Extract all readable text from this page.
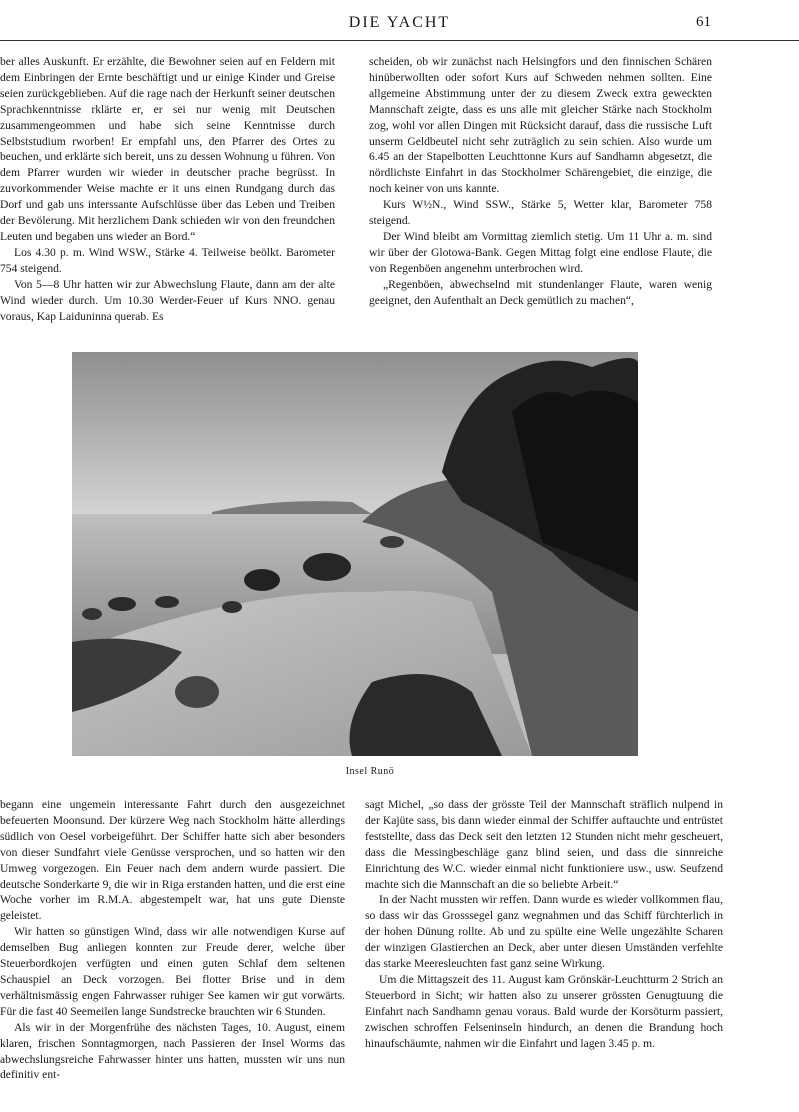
DIE YACHT	61

ber alles Auskunft. Er erzählte, die Bewohner seien auf en Feldern mit dem Einbringen der Ernte beschäftigt und ur einige Kinder und Greise seien zurückgeblieben. Auf die rage nach der Herkunft seiner deutschen Sprachkenntnisse rklärte er, er sei nur wenig mit Deutschen zusammengeommen und habe sich seine Kenntnisse durch Selbststudium rworben! Er empfahl uns, den Pfarrer des Ortes zu beuchen, und erklärte sich bereit, uns zu dessen Wohnung u führen. Von dem Pfarrer wurden wir wieder in deutscher prache begrüsst. In zuvorkommender Weise machte er it uns einen Rundgang durch das Dorf und gab uns interssante Aufschlüsse über das Leben und Treiben der Bevölerung. Mit herzlichem Dank schieden wir von den freundchen Leuten und begaben uns wieder an Bord.“

Los 4.30 p. m. Wind WSW., Stärke 4. Teilweise beölkt. Barometer 754 steigend.

Von 5—8 Uhr hatten wir zur Abwechslung Flaute, dann am der alte Wind wieder durch. Um 10.30 Werder-Feuer uf Kurs NNO. genau voraus, Kap Laiduninna querab. Es

scheiden, ob wir zunächst nach Helsingfors und den finnischen Schären hinüberwollten oder sofort Kurs auf Schweden nehmen sollten. Eine allgemeine Abstimmung unter der zu diesem Zweck extra geweckten Mannschaft zeigte, dass es uns alle mit gleicher Stärke nach Stockholm zog, wohl vor allen Dingen mit Rücksicht darauf, dass die russische Luft unserm Geldbeutel nicht sehr zuträglich zu sein schien. Also wurde um 6.45 an der Stapelbotten Leuchttonne Kurs auf Sandhamn abgesetzt, die nördlichste Einfahrt in das Stockholmer Schärengebiet, die einzige, die noch keiner von uns kannte.

Kurs W½N., Wind SSW., Stärke 5, Wetter klar, Barometer 758 steigend.

Der Wind bleibt am Vormittag ziemlich stetig. Um 11 Uhr a. m. sind wir über der Glotowa-Bank. Gegen Mittag folgt eine endlose Flaute, die von Regenböen angenehm unterbrochen wird.

„Regenböen, abwechselnd mit stundenlanger Flaute, waren wenig geeignet, den Aufenthalt an Deck gemütlich zu machen“,

Insel Runö

begann eine ungemein interessante Fahrt durch den ausgezeichnet befeuerten Moonsund. Der kürzere Weg nach Stockholm hätte allerdings südlich von Oesel vorbeigeführt. Der Schiffer hatte sich aber besonders von dieser Sundfahrt viele Genüsse versprochen, und so hatten wir den Umweg vorgezogen. Ein Feuer nach dem andern wurde passiert. Die deutsche Sonderkarte 9, die wir in Riga erstanden hatten, und die erst eine Woche vorher im R.M.A. abgestempelt war, hat uns gute Dienste geleistet.

Wir hatten so günstigen Wind, dass wir alle notwendigen Kurse auf demselben Bug anliegen konnten zur Freude derer, welche über Steuerbordkojen verfügten und einen guten Schlaf dem seltenen Schauspiel an Deck vorzogen. Bei flotter Brise und in dem verhältnismässig engen Fahrwasser ruhiger See kamen wir gut vorwärts. Für die fast 40 Seemeilen lange Sundstrecke brauchten wir 6 Stunden.

Als wir in der Morgenfrühe des nächsten Tages, 10. August, einem klaren, frischen Sonntagmorgen, nach Passieren der Insel Worms das abwechslungsreiche Fahrwasser hinter uns hatten, mussten wir uns nun definitiv ent-

sagt Michel, „so dass der grösste Teil der Mannschaft sträflich nulpend in der Kajüte sass, bis dann wieder einmal der Schiffer auftauchte und entrüstet feststellte, dass das Deck seit den letzten 12 Stunden nicht mehr gescheuert, dass die Messingbeschläge ganz blind seien, und dass die sinnreiche Einrichtung des W.C. wieder einmal nicht funktioniere usw., usw. Seufzend machte sich die Mannschaft an die so beliebte Arbeit.“

In der Nacht mussten wir reffen. Dann wurde es wieder vollkommen flau, so dass wir das Grosssegel ganz wegnahmen und das Schiff fürchterlich in der hohen Dünung rollte. Ab und zu spülte eine Welle ungezählte Scharen der winzigen Glastierchen an Deck, aber unter diesen Umständen verfehlte das starke Meeresleuchten fast ganz seine Wirkung.

Um die Mittagszeit des 11. August kam Grönskär-Leuchtturm 2 Strich an Steuerbord in Sicht; wir hatten also zu unserer grössten Genugtuung die Einfahrt nach Sandhamn genau voraus. Bald wurde der Korsöturm passiert, zwischen schroffen Felseninseln hindurch, an denen die Brandung hoch hinaufschäumte, nahmen wir die Einfahrt und lagen 3.45 p. m.
